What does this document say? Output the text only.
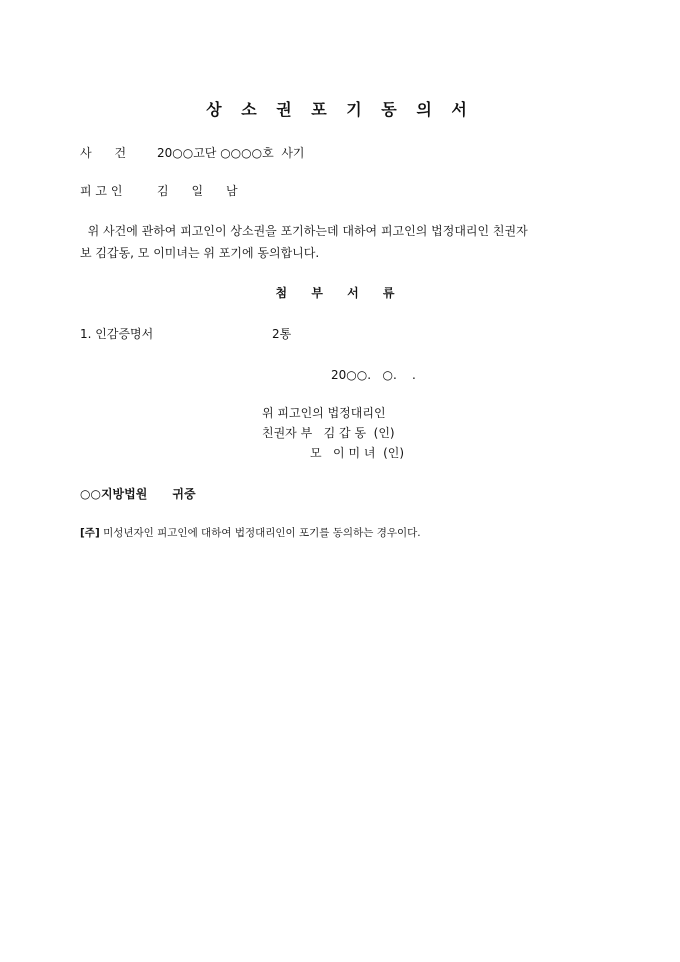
상 소 권 포 기 동 의 서
사      건	20○○고단 ○○○○호  사기
피 고 인	김      일      남
위 사건에 관하여 피고인이 상소권을 포기하는데 대하여 피고인의 법정대리인 친권자
보 김갑동, 모 이미녀는 위 포기에 동의합니다.
첨 부 서 류
1. 인감증명서	2통
20○○.   ○.    .
위 피고인의 법정대리인
친권자 부   김 갑 동  (인)
모   이 미 녀  (인)
○○지방법원      귀중
[주] 미성년자인 피고인에 대하여 법정대리인이 포기를 동의하는 경우이다.
